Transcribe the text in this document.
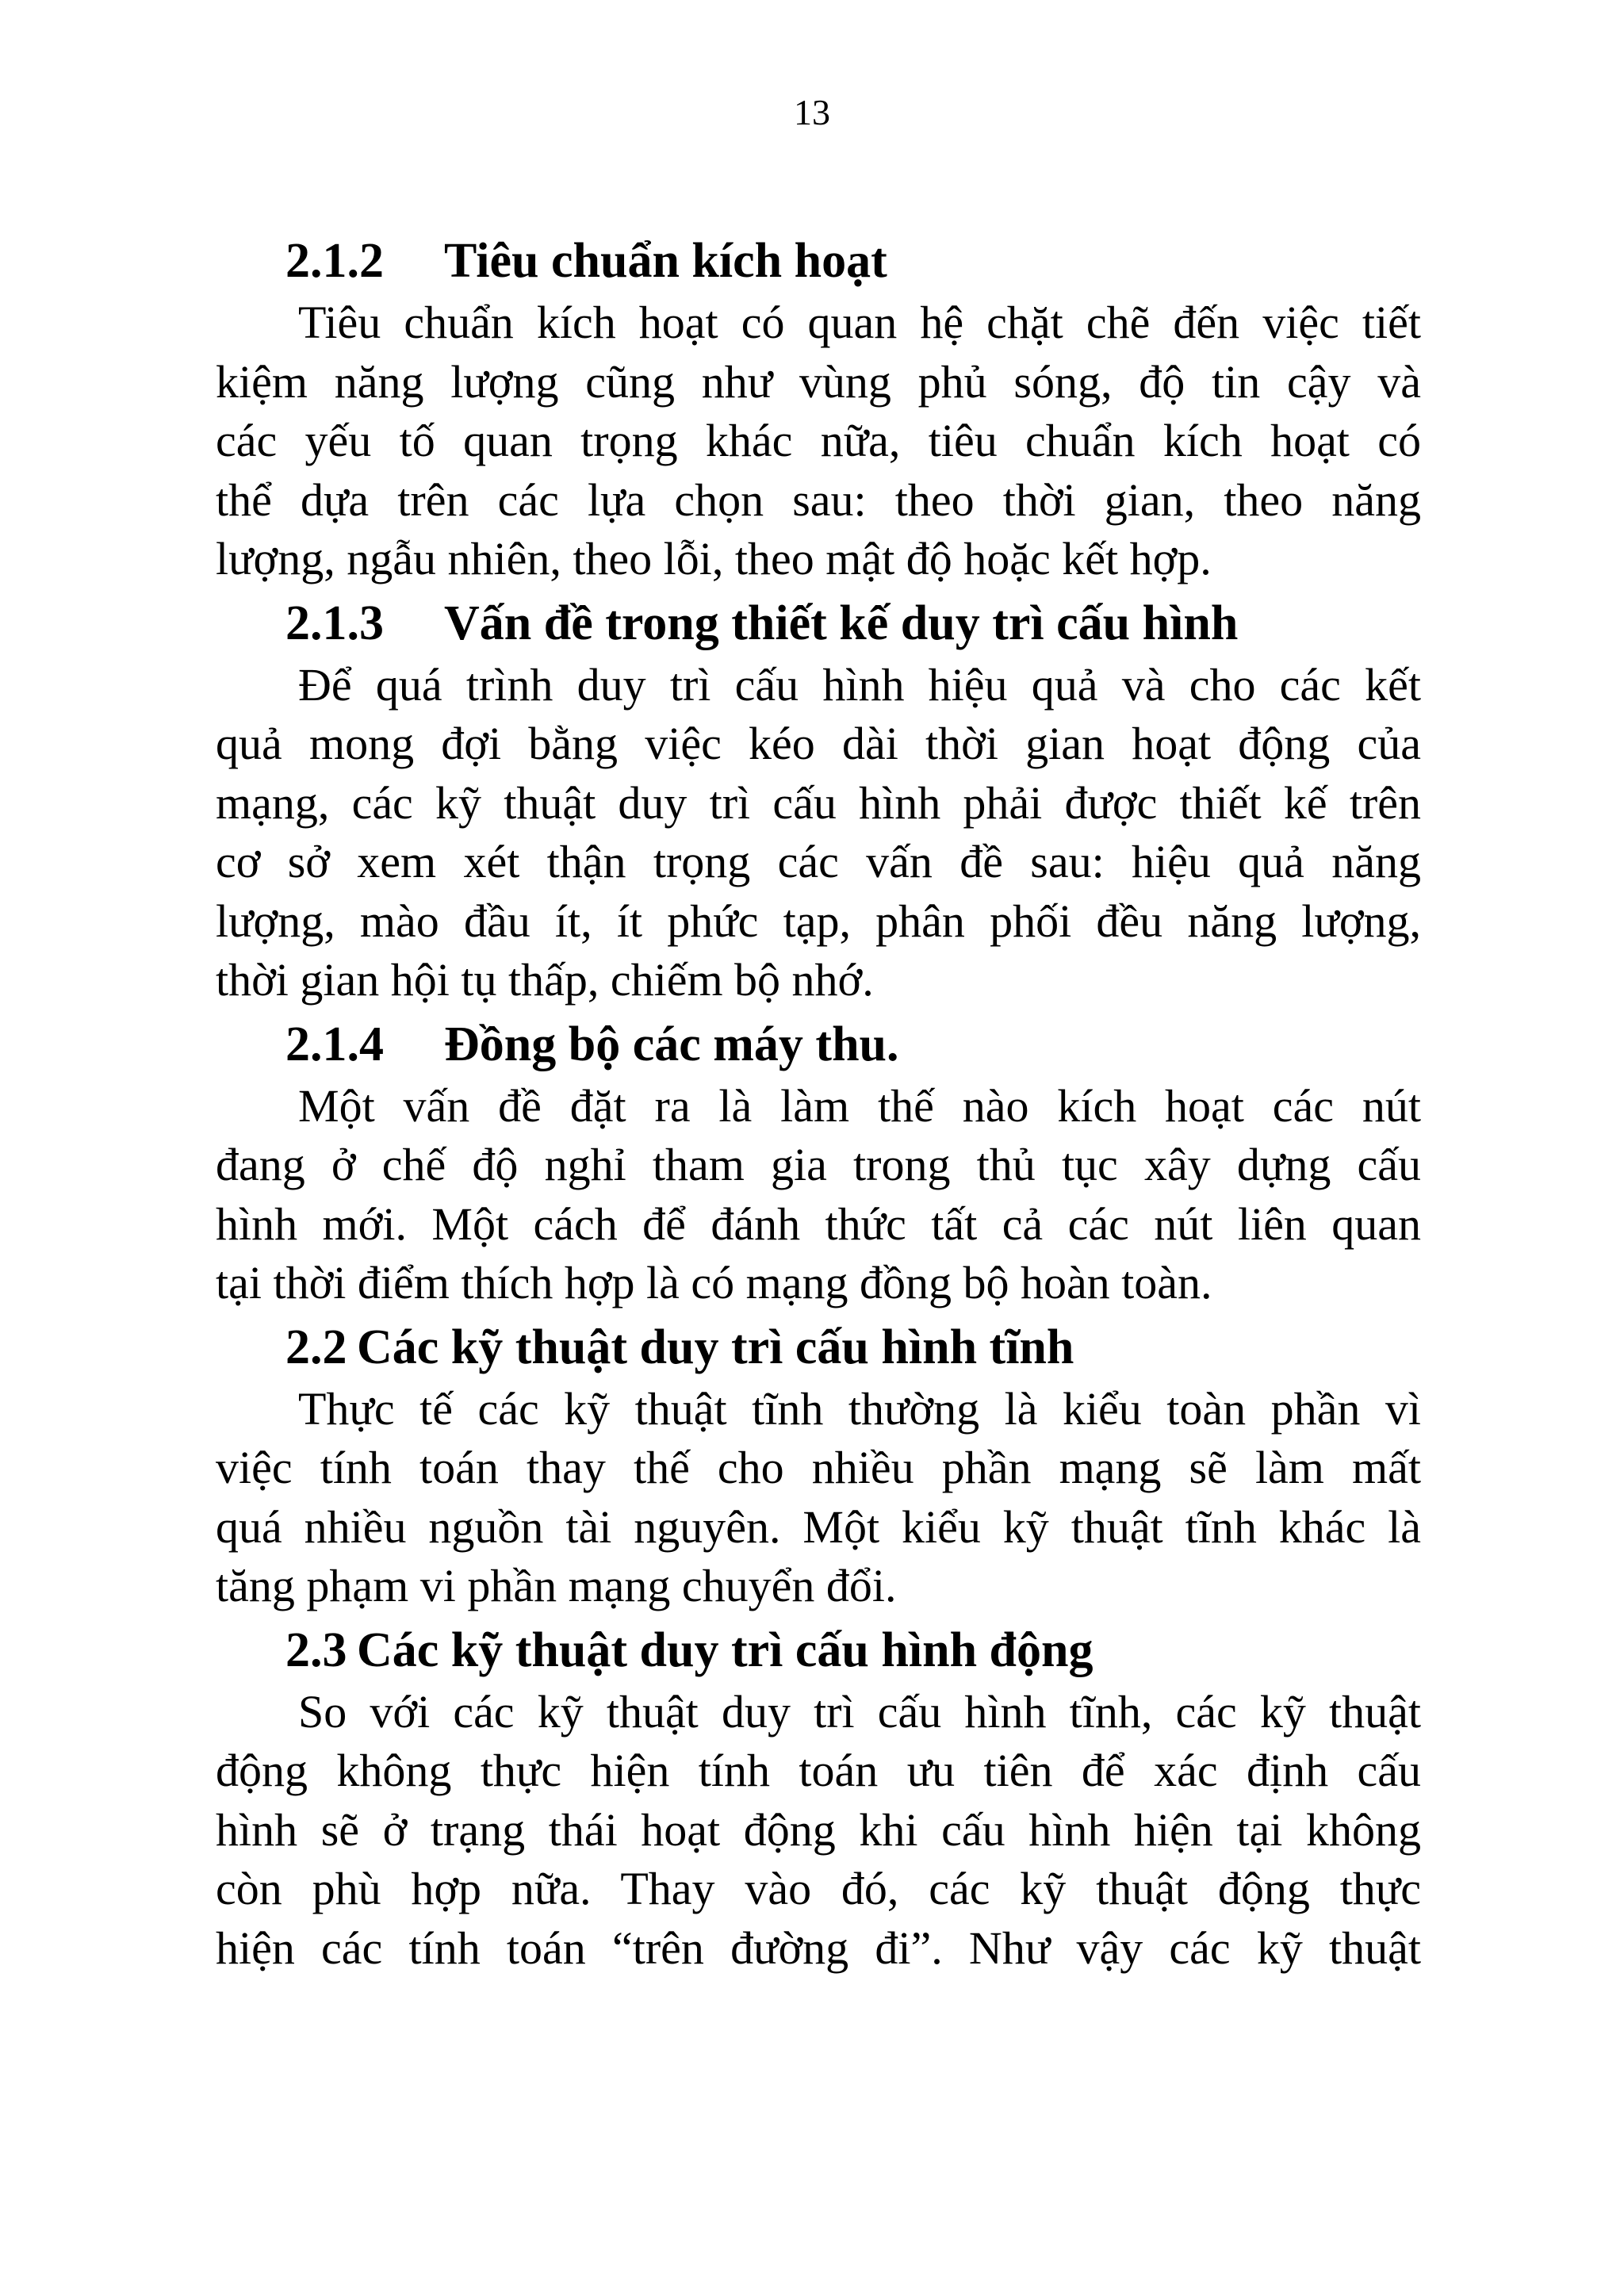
13
2.1.2	Tiêu chuẩn kích hoạt
Tiêu chuẩn kích hoạt có quan hệ chặt chẽ đến việc tiết
kiệm năng lượng cũng như vùng phủ sóng, độ tin cậy và
các yếu tố quan trọng khác nữa, tiêu chuẩn kích hoạt có
thể dựa trên các lựa chọn sau: theo thời gian, theo năng
lượng, ngẫu nhiên, theo lỗi, theo mật độ hoặc kết hợp.
2.1.3	Vấn đề trong thiết kế duy trì cấu hình
Để quá trình duy trì cấu hình hiệu quả và cho các kết
quả mong đợi bằng việc kéo dài thời gian hoạt động của
mạng, các kỹ thuật duy trì cấu hình phải được thiết kế trên
cơ sở xem xét thận trọng các vấn đề sau: hiệu quả năng
lượng, mào đầu ít, ít phức tạp, phân phối đều năng lượng,
thời gian hội tụ thấp, chiếm bộ nhớ.
2.1.4	Đồng bộ các máy thu.
Một vấn đề đặt ra là làm thế nào kích hoạt các nút
đang ở chế độ nghỉ tham gia trong thủ tục xây dựng cấu
hình mới. Một cách để đánh thức tất cả các nút liên quan
tại thời điểm thích hợp là có mạng đồng bộ hoàn toàn.
2.2 Các kỹ thuật duy trì cấu hình tĩnh
Thực tế các kỹ thuật tĩnh thường là kiểu toàn phần vì
việc tính toán thay thế cho nhiều phần mạng sẽ làm mất
quá nhiều nguồn tài nguyên. Một kiểu kỹ thuật tĩnh khác là
tăng phạm vi phần mạng chuyển đổi.
2.3 Các kỹ thuật duy trì cấu hình động
So với các kỹ thuật duy trì cấu hình tĩnh, các kỹ thuật
động không thực hiện tính toán ưu tiên để xác định cấu
hình sẽ ở trạng thái hoạt động khi cấu hình hiện tại không
còn phù hợp nữa. Thay vào đó, các kỹ thuật động thực
hiện các tính toán “trên đường đi”. Như vậy các kỹ thuật
